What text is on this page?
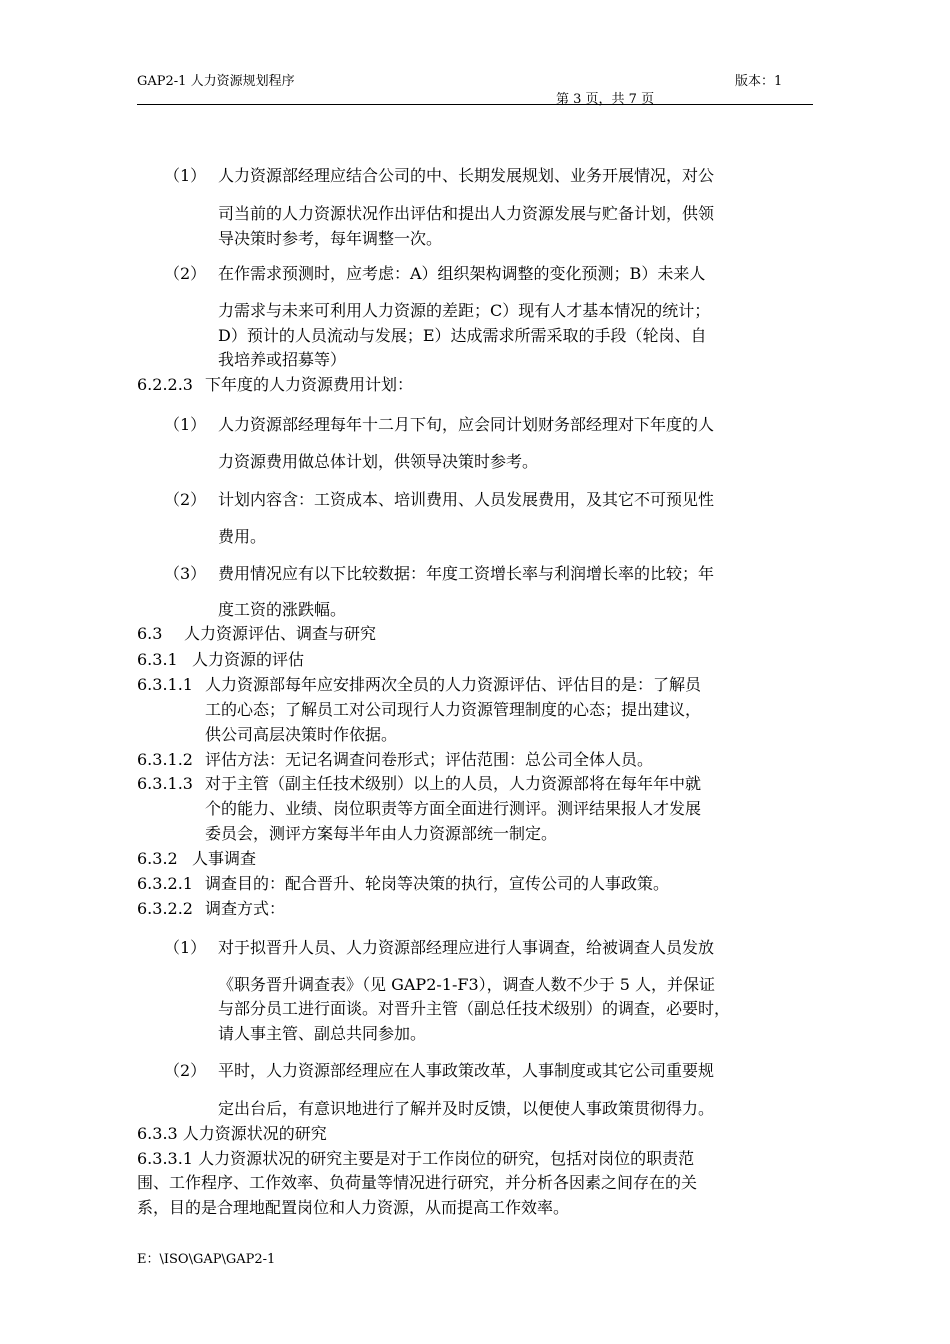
GAP2-1 人力资源规划程序	版本：1
第 3 页，共 7 页
（1） 人力资源部经理应结合公司的中、长期发展规划、业务开展情况，对公
司当前的人力资源状况作出评估和提出人力资源发展与贮备计划，供领
导决策时参考，每年调整一次。
（2） 在作需求预测时，应考虑：A）组织架构调整的变化预测；B）未来人
力需求与未来可利用人力资源的差距；C）现有人才基本情况的统计；
D）预计的人员流动与发展；E）达成需求所需采取的手段（轮岗、自
我培养或招募等）
6.2.2.3 下年度的人力资源费用计划：
（1） 人力资源部经理每年十二月下旬，应会同计划财务部经理对下年度的人
力资源费用做总体计划，供领导决策时参考。
（2） 计划内容含：工资成本、培训费用、人员发展费用，及其它不可预见性
费用。
（3） 费用情况应有以下比较数据：年度工资增长率与利润增长率的比较；年
度工资的涨跌幅。
6.3 人力资源评估、调查与研究
6.3.1 人力资源的评估
6.3.1.1 人力资源部每年应安排两次全员的人力资源评估、评估目的是：了解员
工的心态；了解员工对公司现行人力资源管理制度的心态；提出建议，
供公司高层决策时作依据。
6.3.1.2 评估方法：无记名调查问卷形式；评估范围：总公司全体人员。
6.3.1.3 对于主管（副主任技术级别）以上的人员，人力资源部将在每年年中就
个的能力、业绩、岗位职责等方面全面进行测评。测评结果报人才发展
委员会，测评方案每半年由人力资源部统一制定。
6.3.2 人事调查
6.3.2.1 调查目的：配合晋升、轮岗等决策的执行，宣传公司的人事政策。
6.3.2.2 调查方式：
（1） 对于拟晋升人员、人力资源部经理应进行人事调查，给被调查人员发放
《职务晋升调查表》（见 GAP2-1-F3），调查人数不少于 5 人，并保证
与部分员工进行面谈。对晋升主管（副总任技术级别）的调查，必要时，
请人事主管、副总共同参加。
（2） 平时，人力资源部经理应在人事政策改革，人事制度或其它公司重要规
定出台后，有意识地进行了解并及时反馈，以便使人事政策贯彻得力。
6.3.3 人力资源状况的研究
6.3.3.1 人力资源状况的研究主要是对于工作岗位的研究，包括对岗位的职责范
围、工作程序、工作效率、负荷量等情况进行研究，并分析各因素之间存在的关
系，目的是合理地配置岗位和人力资源，从而提高工作效率。
E：\ISO\GAP\GAP2-1
